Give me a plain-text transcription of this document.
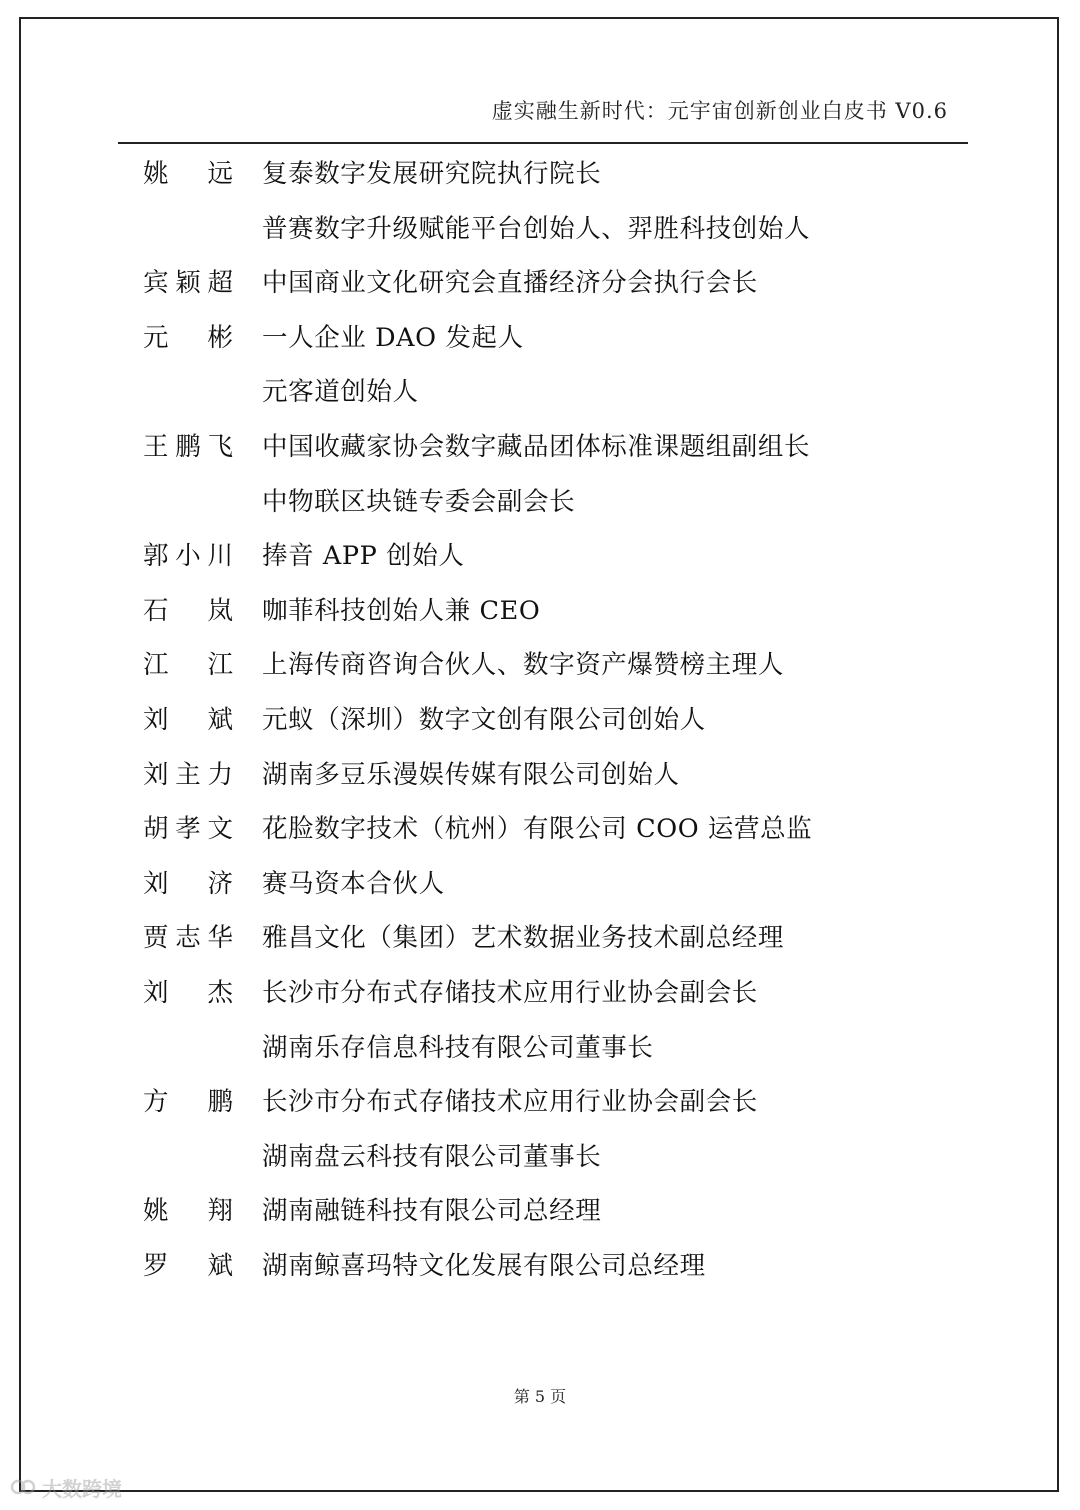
虚实融生新时代：元宇宙创新创业白皮书 V0.6
姚　远 复泰数字发展研究院执行院长
普赛数字升级赋能平台创始人、羿胜科技创始人
宾颖超 中国商业文化研究会直播经济分会执行会长
元　彬 一人企业 DAO 发起人
元客道创始人
王鹏飞 中国收藏家协会数字藏品团体标准课题组副组长
中物联区块链专委会副会长
郭小川 捧音 APP 创始人
石　岚 咖菲科技创始人兼 CEO
江　江 上海传商咨询合伙人、数字资产爆赞榜主理人
刘　斌 元蚁（深圳）数字文创有限公司创始人
刘主力 湖南多豆乐漫娱传媒有限公司创始人
胡孝文 花脸数字技术（杭州）有限公司 COO 运营总监
刘　济 赛马资本合伙人
贾志华 雅昌文化（集团）艺术数据业务技术副总经理
刘　杰 长沙市分布式存储技术应用行业协会副会长
湖南乐存信息科技有限公司董事长
方　鹏 长沙市分布式存储技术应用行业协会副会长
湖南盘云科技有限公司董事长
姚　翔 湖南融链科技有限公司总经理
罗　斌 湖南鲸喜玛特文化发展有限公司总经理
第 5 页
大数跨境
